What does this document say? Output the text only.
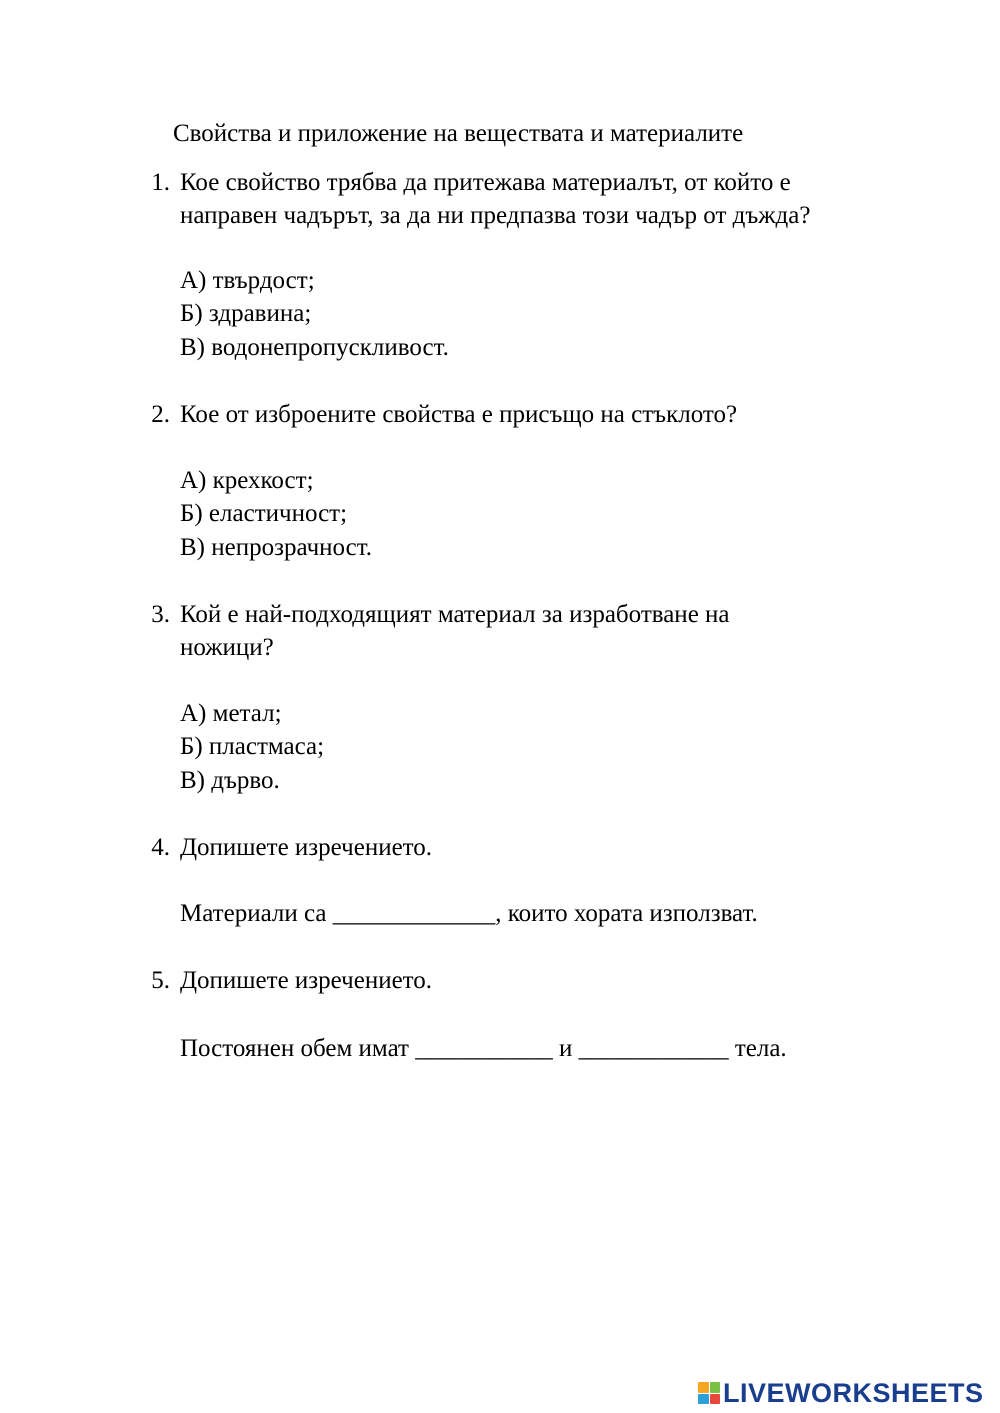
Свойства и приложение на веществата и материалите
1. Кое свойство трябва да притежава материалът, от който е
направен чадърът, за да ни предпазва този чадър от дъжда?
А) твърдост;
Б) здравина;
В) водонепропускливост.
2. Кое от изброените свойства е присъщо на стъклото?
А) крехкост;
Б) еластичност;
В) непрозрачност.
3. Кой е най-подходящият материал за изработване на
ножици?
А) метал;
Б) пластмаса;
В) дърво.
4. Допишете изречението.
Материали са _____________, които хората използват.
5. Допишете изречението.
Постоянен обем имат ___________ и ____________ тела.
LIVEWORKSHEETS
